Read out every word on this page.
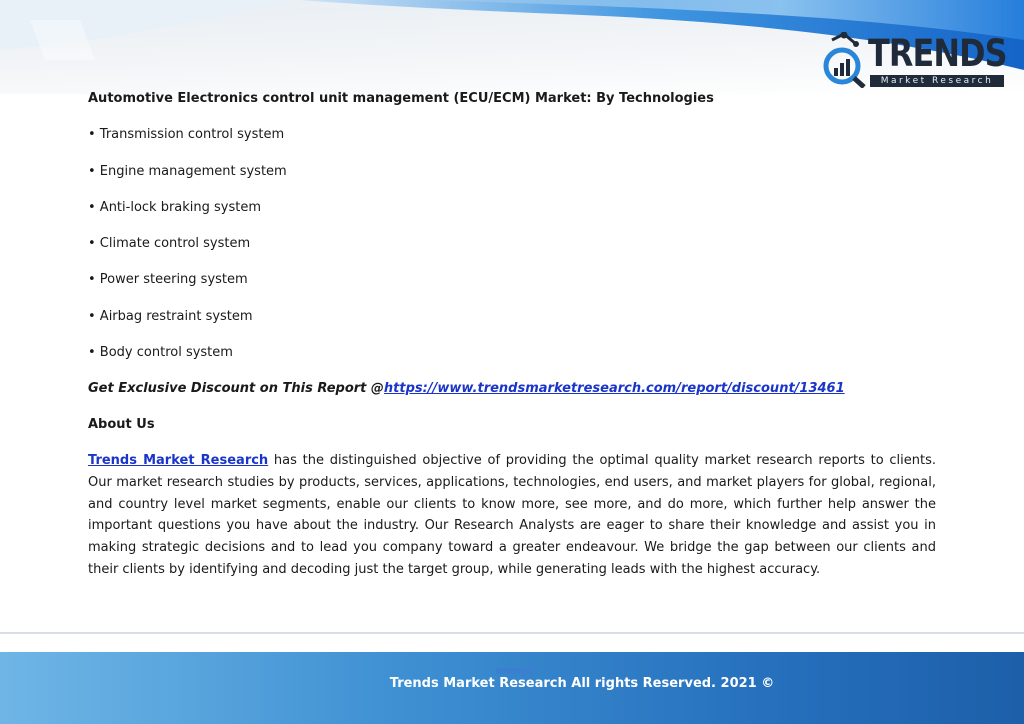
TRENDS
Market Research

Automotive Electronics control unit management (ECU/ECM) Market: By Technologies

• Transmission control system
• Engine management system
• Anti-lock braking system
• Climate control system
• Power steering system
• Airbag restraint system
• Body control system
Get Exclusive Discount on This Report @https://www.trendsmarketresearch.com/report/discount/13461
About Us

Trends Market Research has the distinguished objective of providing the optimal quality market research reports to clients. Our market research studies by products, services, applications, technologies, end users, and market players for global, regional, and country level market segments, enable our clients to know more, see more, and do more, which further help answer the important questions you have about the industry. Our Research Analysts are eager to share their knowledge and assist you in making strategic decisions and to lead you company toward a greater endeavour. We bridge the gap between our clients and their clients by identifying and decoding just the target group, while generating leads with the highest accuracy.

Trends Market Research All rights Reserved. 2021 ©
